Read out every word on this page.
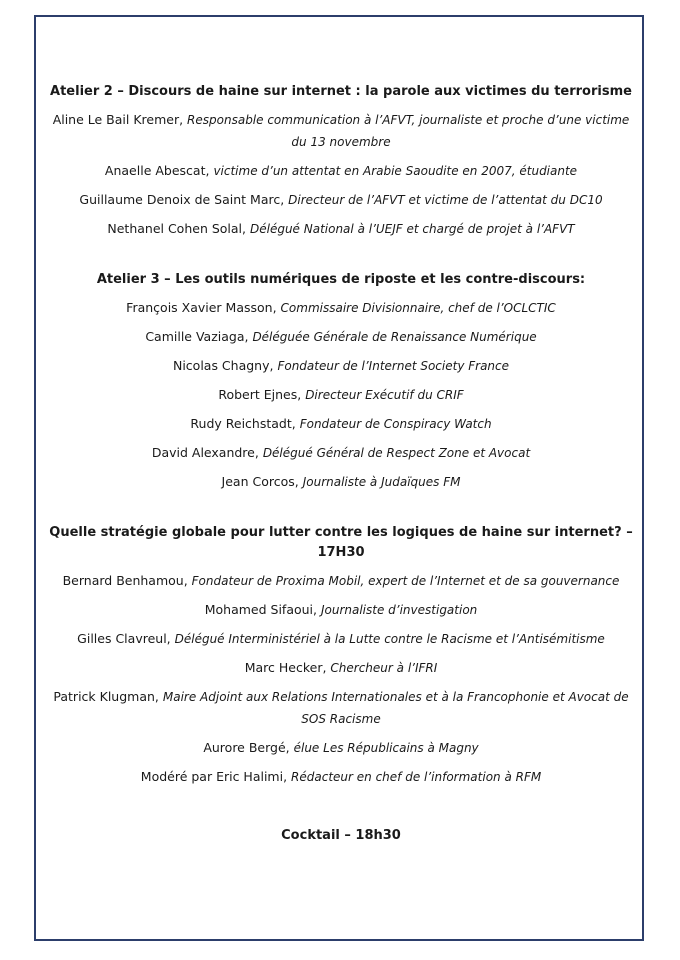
Atelier 2 – Discours de haine sur internet : la parole aux victimes du terrorisme

Aline Le Bail Kremer, Responsable communication à l’AFVT, journaliste et proche d’une victime du 13 novembre

Anaelle Abescat, victime d’un attentat en Arabie Saoudite en 2007, étudiante

Guillaume Denoix de Saint Marc, Directeur de l’AFVT et victime de l’attentat du DC10

Nethanel Cohen Solal, Délégué National à l’UEJF et chargé de projet à l’AFVT

Atelier 3 – Les outils numériques de riposte et les contre-discours:

François Xavier Masson, Commissaire Divisionnaire, chef de l’OCLCTIC

Camille Vaziaga, Déléguée Générale de Renaissance Numérique

Nicolas Chagny, Fondateur de l’Internet Society France

Robert Ejnes, Directeur Exécutif du CRIF

Rudy Reichstadt, Fondateur de Conspiracy Watch

David Alexandre, Délégué Général de Respect Zone et Avocat

Jean Corcos, Journaliste à Judaïques FM

Quelle stratégie globale pour lutter contre les logiques de haine sur internet? – 17H30

Bernard Benhamou, Fondateur de Proxima Mobil, expert de l’Internet et de sa gouvernance

Mohamed Sifaoui, Journaliste d’investigation

Gilles Clavreul, Délégué Interministériel à la Lutte contre le Racisme et l’Antisémitisme

Marc Hecker, Chercheur à l’IFRI

Patrick Klugman, Maire Adjoint aux Relations Internationales et à la Francophonie et Avocat de SOS Racisme

Aurore Bergé, élue Les Républicains à Magny

Modéré par Eric Halimi, Rédacteur en chef de l’information à RFM

Cocktail – 18h30
